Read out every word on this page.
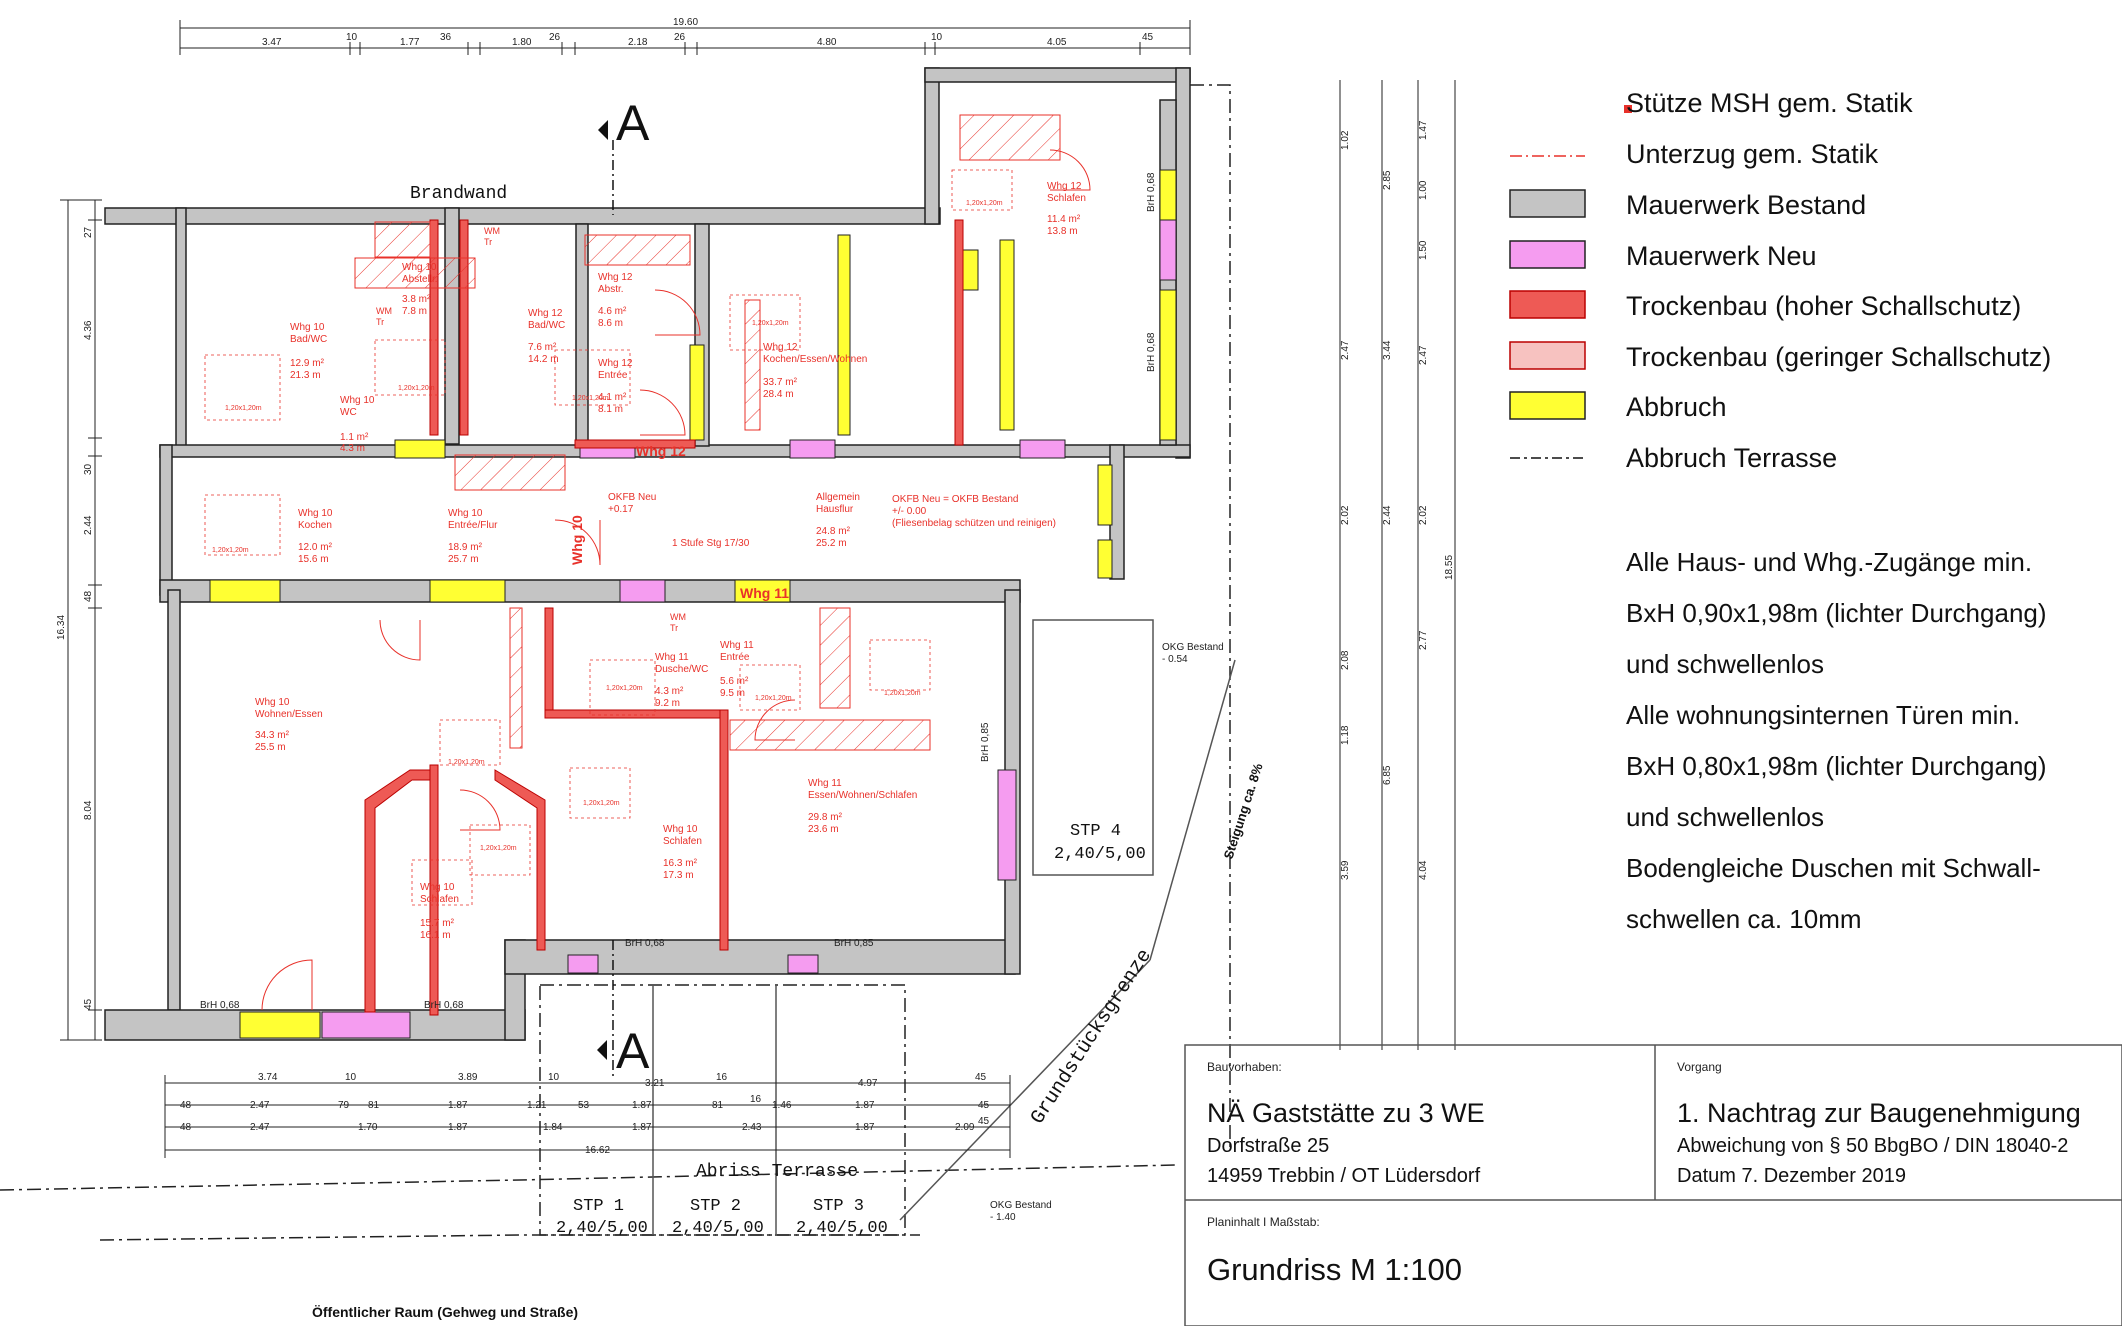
19.60
3.47	10	1.77 36	1.80 26	2.18	26	4.80	10	4.05	45
16.34
27
4.36
30
2.44
48
8.04
45
18.55
1.02
2.47
2.02
2.08
1.18
3.59
2.85
3.44
2.44
6.85
1.47
1.00
1.50
2.47
2.02
2.77
4.04
Brandwand
A
A
Whg 10
Bad/WC
12.9 m²
21.3 m
Whg 10
Abstellr.
3.8 m²
7.8 m
Whg 10
WC
1.1 m²
4.3 m
Whg 12
Bad/WC
7.6 m²
14.2 m
Whg 12
Abstr.
4.6 m²
8.6 m
Whg 12
Entrée
4.1 m²
8.1 m
Whg 12
Kochen/Essen/Wohnen
33.7 m²
28.4 m
Whg 12
Schlafen
11.4 m²
13.8 m
Whg 10
Kochen
12.0 m²
15.6 m
Whg 10
Entrée/Flur
18.9 m²
25.7 m
Allgemein
Hausflur
24.8 m²
25.2 m
Whg 10
Wohnen/Essen
34.3 m²
25.5 m
Whg 11
Dusche/WC
4.3 m²
9.2 m
Whg 11
Entrée
5.6 m²
9.5 m
Whg 10
Schlafen
16.3 m²
17.3 m
Whg 10
Schlafen
15.7 m²
16.1 m
Whg 11
Essen/Wohnen/Schlafen
29.8 m²
23.6 m
OKFB Neu
+0.17
OKFB Neu = OKFB Bestand
+/- 0.00
(Fliesenbelag schützen und reinigen)
1 Stufe Stg 17/30
Whg 12
Whg 11
Whg 10
WM
Tr
WM
Tr
WM
Tr
1,20x1,20m
1,20x1,20m
1,20x1,20m
1,20x1,20m
1,20x1,20m
1,20x1,20m
1,20x1,20m
1,20x1,20m
1,20x1,20m
1,20x1,20m
1,20x1,20m
1,20x1,20m
BrH 0,68	BrH 0,68
BrH 0,68	BrH 0,85
BrH 0,68
BrH 0,68
BrH 0,85
OKG Bestand
- 0.54
OKG Bestand
- 1.40
Grundstücksgrenze
Steigung ca. 8%
Abriss Terrasse
STP 1
2,40/5,00
STP 2
2,40/5,00
STP 3
2,40/5,00
STP 4
2,40/5,00
3.74	10	3.89	10
3.21
16
4.97
45
48	2.47	79 81	1.87	1.21	53	1.87	81
16
1.46	1.87	45
48	2.47	1.70	1.87	1.84	1.87	2.43	1.87	2.09
45
16.62
Stütze MSH gem. Statik
Unterzug gem. Statik
Mauerwerk Bestand
Mauerwerk Neu
Trockenbau (hoher Schallschutz)
Trockenbau (geringer Schallschutz)
Abbruch
Abbruch Terrasse
Alle Haus- und Whg.-Zugänge min.
BxH 0,90x1,98m (lichter Durchgang)
und schwellenlos
Alle wohnungsinternen Türen min.
BxH 0,80x1,98m (lichter Durchgang)
und schwellenlos
Bodengleiche Duschen mit Schwall-
schwellen ca. 10mm
Bauvorhaben:
NÄ Gaststätte zu 3 WE
Dorfstraße 25
14959 Trebbin / OT Lüdersdorf
Vorgang
1. Nachtrag zur Baugenehmigung
Abweichung von § 50 BbgBO / DIN 18040-2
Datum 7. Dezember 2019
Planinhalt I Maßstab:
Grundriss M 1:100
Öffentlicher Raum (Gehweg und Straße)
